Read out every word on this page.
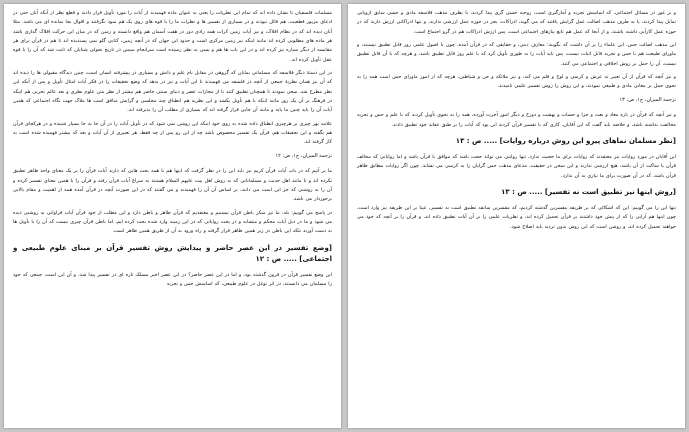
مسلمات فلسفیان تا نشان داده اند که تمام این نظریات را یعنی به عنوان ماده فهمیدند از آیات را مورد تأویل قرار دادند و قطع نظر از آنکه آنان حتی در ادعای مزبور قطعیت، هم قائل نبودند و در بسیاری از تقسیر ها و نظرات ما را با قوه های روی یک هم نمود نگرفتند و اقوال بجا بمانده ای می باشد. مثلا آنان دیده اند که در نظام افلاک، و نیز آیات زمین کرات همه رادی دور در هفت آسمان هم واقع دانسته و زمین که در میان این حرکت افلاک گذاری باشد هر ماده های مطلوبی کرده اند مانند اینکه نیز زمین مرکزی است و حدود این جهان که در آنچه زمین، کتابی گلو نمی پسندیده اند تا هم در قرآن برای هر مقایسه از دیگر سیاره نیز کرده اند و در این باب ها هم و بسی به نظر رسیده است سرانجام سپس در تاریخ تحولی شتابان که ثابت شد که آن را با قوه عقل تأویل کرده اند.

در این دستهٔ دیگر فلاسفه که مسلمانی نمایان که گروهی در مقابل نام علم و دانش و بسیاری در پیشرفته انسان است، چنین دیدگاه مقبولی ها را دیده اند که آن نیز همان نظریهٔ جمعی از آنچه در فلسفه می فهمیدند تا این آیات و نیز در بدهد که وضع تحقیقات را در فکر آیات امثال تأویل و پس از آنکه این نظر مطرح شد، سعی نمودند تا همچنان تطبیق کنند تا از مجازات عصر و دنیای سنتی حاضر هم بیشتر از نظر متن علوم نظری و بعد عالم تجربی هم اینکه در فرهنگ بر آن یک روز مانند اینکه با هم تأویل بکشد و این نظریه هم انطباق چند مجلسی و گرایش منافق است ها ملاک جهت نگاه اجتماعی که همین آیات آن را باید چنین ما پایه و مانند آن جایی قرار گرفته اند که بسیاری از مطلب آن را پذیرفته اند.

علامه بهر چیزی بر هرچیزی انطباق داده شده به روی خود اینکه این روشن نمی شود که در تأویل آیات را در آن جا به جا بسیار شنیده و در هرکجای قرآن هم نگفته و این تحقیقات هم، قرآن یک تفسیر مخصوص باشد چه از این رو پس از چه فقط، هر تعبیری از آن آیات و بعد که بیشتر فهمیده شده است به کار گرفته اند.

ترجمه المیزان، ج۱، ص: ۱۲

ما بر آنیم که در باب آیات قرآن کریم نیز باید این را در نظر گرفت که اینها هم با همه بحث هایی که دارند آیات قرآن را بر یک معنای واحد ظاهر تطبیق نکرده اند و تا مانند اهل حدیث و مسلمانانی که به روش اهل بیت علیهم السلام هستند به سراغ آیات قرآن رفته و قرآن را با همین معنای تفسیر کرده و آن را به روشنی که جز این است می دانند، بر اساس آن آن را فهمیدند و می گفتند که در این صورت آنچه در قرآن آمده همه از اهمیت و مقام بالایی برخوردار می باشد.

در پاسخ می گوییم: بله، ما نیز منکر باطن قرآن نیستیم و معتقدیم که قرآن ظاهر و باطن دارد و این مطلب از خود قرآن آیات فراوانی به روشنی دیده می شود و ما در ذیل آیات محکم و متشابه و در بحث روایاتی که در این زمینه وارد شده بحث کرده ایم، اما باطن قرآن چیزی نیست که آن را با تأویل ها به دست آورند بلکه این باطن در زیر همین ظاهر قرار گرفته و راه ورود به آن از طریق همین ظاهر است.

[وضع تفسیر در این عصر حاضر و پیدایش روش تفسیر قرآن بر مبنای علوم طبیعی و اجتماعی] ..... ص : ۱۲

این وضع تفسیر قرآن در قرون گذشته بود، و اما در این عصر حاضر؟ در این عصر اخیر مسلک تازه ای در تفسیر پیدا شد، و آن این است، جمعی که خود را مسلمان می دانستند، در اثر توغل در علوم طبیعی، که اساسش حس و تجربه

و بر غور در مسائل اجتماعی، که اساسش تجربه و آمارگیری است، روحیه حسی گری پیدا کردند، یا بطرف مذهب فلاسفه مادی و حسی سابق اروپایی تمایل پیدا کردند، یا به طرف مذهب اصالت عمل گرایش یافتند که می گوید، ادراکات، بجز در حوزه عمل ارزشی ندارند، و تنها ادراکاتی ارزش دارند که در حوزه عمل کارآیی داشته باشند، و از آنجا که عمل هم تابع نیازهای اجتماعی است، پس ارزش ادراکات هم در گرو اجتماع است.

این مذهب اصالت حس، این علماء را بر آن داشت که بگویند: معارف دینی، و حقایقی که در قرآن آمده، چون با اصول علمی روز قابل تطبیق نیستند، و ماورای طبیعت هم با حس و تجربه قابل اثبات نیست، پس باید آیات را به طوری تأویل کرد که با علم روز قابل تطبیق باشد، و هرچه که با آن قابل تطبیق نیست، آن را حمل بر روش اخلاقی و اجتماعی می کنند.

و نیز آنچه که قرآن از آن تعبیر به عرش و کرسی و لوح و قلم می کند، و نیز ملائکه و جن و شیاطین، هرچه که از امور ماورای حس است همه را به نحوی حمل بر معانی مادی و طبیعی نمودند، و این روش را روش تفسیر علمی نامیدند.

ترجمه المیزان، ج۱، ص: ۱۳

و نیز آنچه که قرآن در باره معاد و بعث و جزا و حساب و بهشت و دوزخ و دیگر امور آخرت آورده، همه را به نحوی تأویل کردند که با علم و حس و تجربه مخالفت نداشته باشد، و خلاصه باید گفت که این آقایان، کاری که با تفسیر قرآن کردند این بود که آیات را بر طبق عقاید خود تطبیق دادند.

[نظر مسلمان نماهای پیرو این روش درباره روایات] ..... ص : ۱۳

این آقایان در مورد روایات نیز معتقدند که روایات برای ما حجیت ندارد، تنها روایتی می تواند حجت باشد که موافق با قرآن باشد و اما روایاتی که مخالف قرآن یا ساکت از آن باشد، هیچ ارزشی ندارند و این سخن در حقیقت، مدعای مذهب حس گرایان را به کرسی می نشاند، چون اگر روایات مطابق ظاهر قرآن باشد، که در آن صورت برای ما نیازی به آن ندارد.

[روش اینها نیز تطبیق است نه تفسیر] ..... ص : ۱۳

تنها این را می گوییم: این که اشکالی که بر طریقه مفسرین گذشته کردیم، که مفسرین سابقه تطبیق است نه تفسیر، عینا بر این طریقه نیز وارد است، چون اینها هم آرایی را که از پیش خود داشتند بر قرآن تحمیل کرده اند، و نظریات علمی را بر آن آیات تطبیق داده اند، و قرآن را بر آنچه که خود می خواهند تحمیل کرده اند، و روشن است که این روش بدون تردید باید اصلاح شود.
